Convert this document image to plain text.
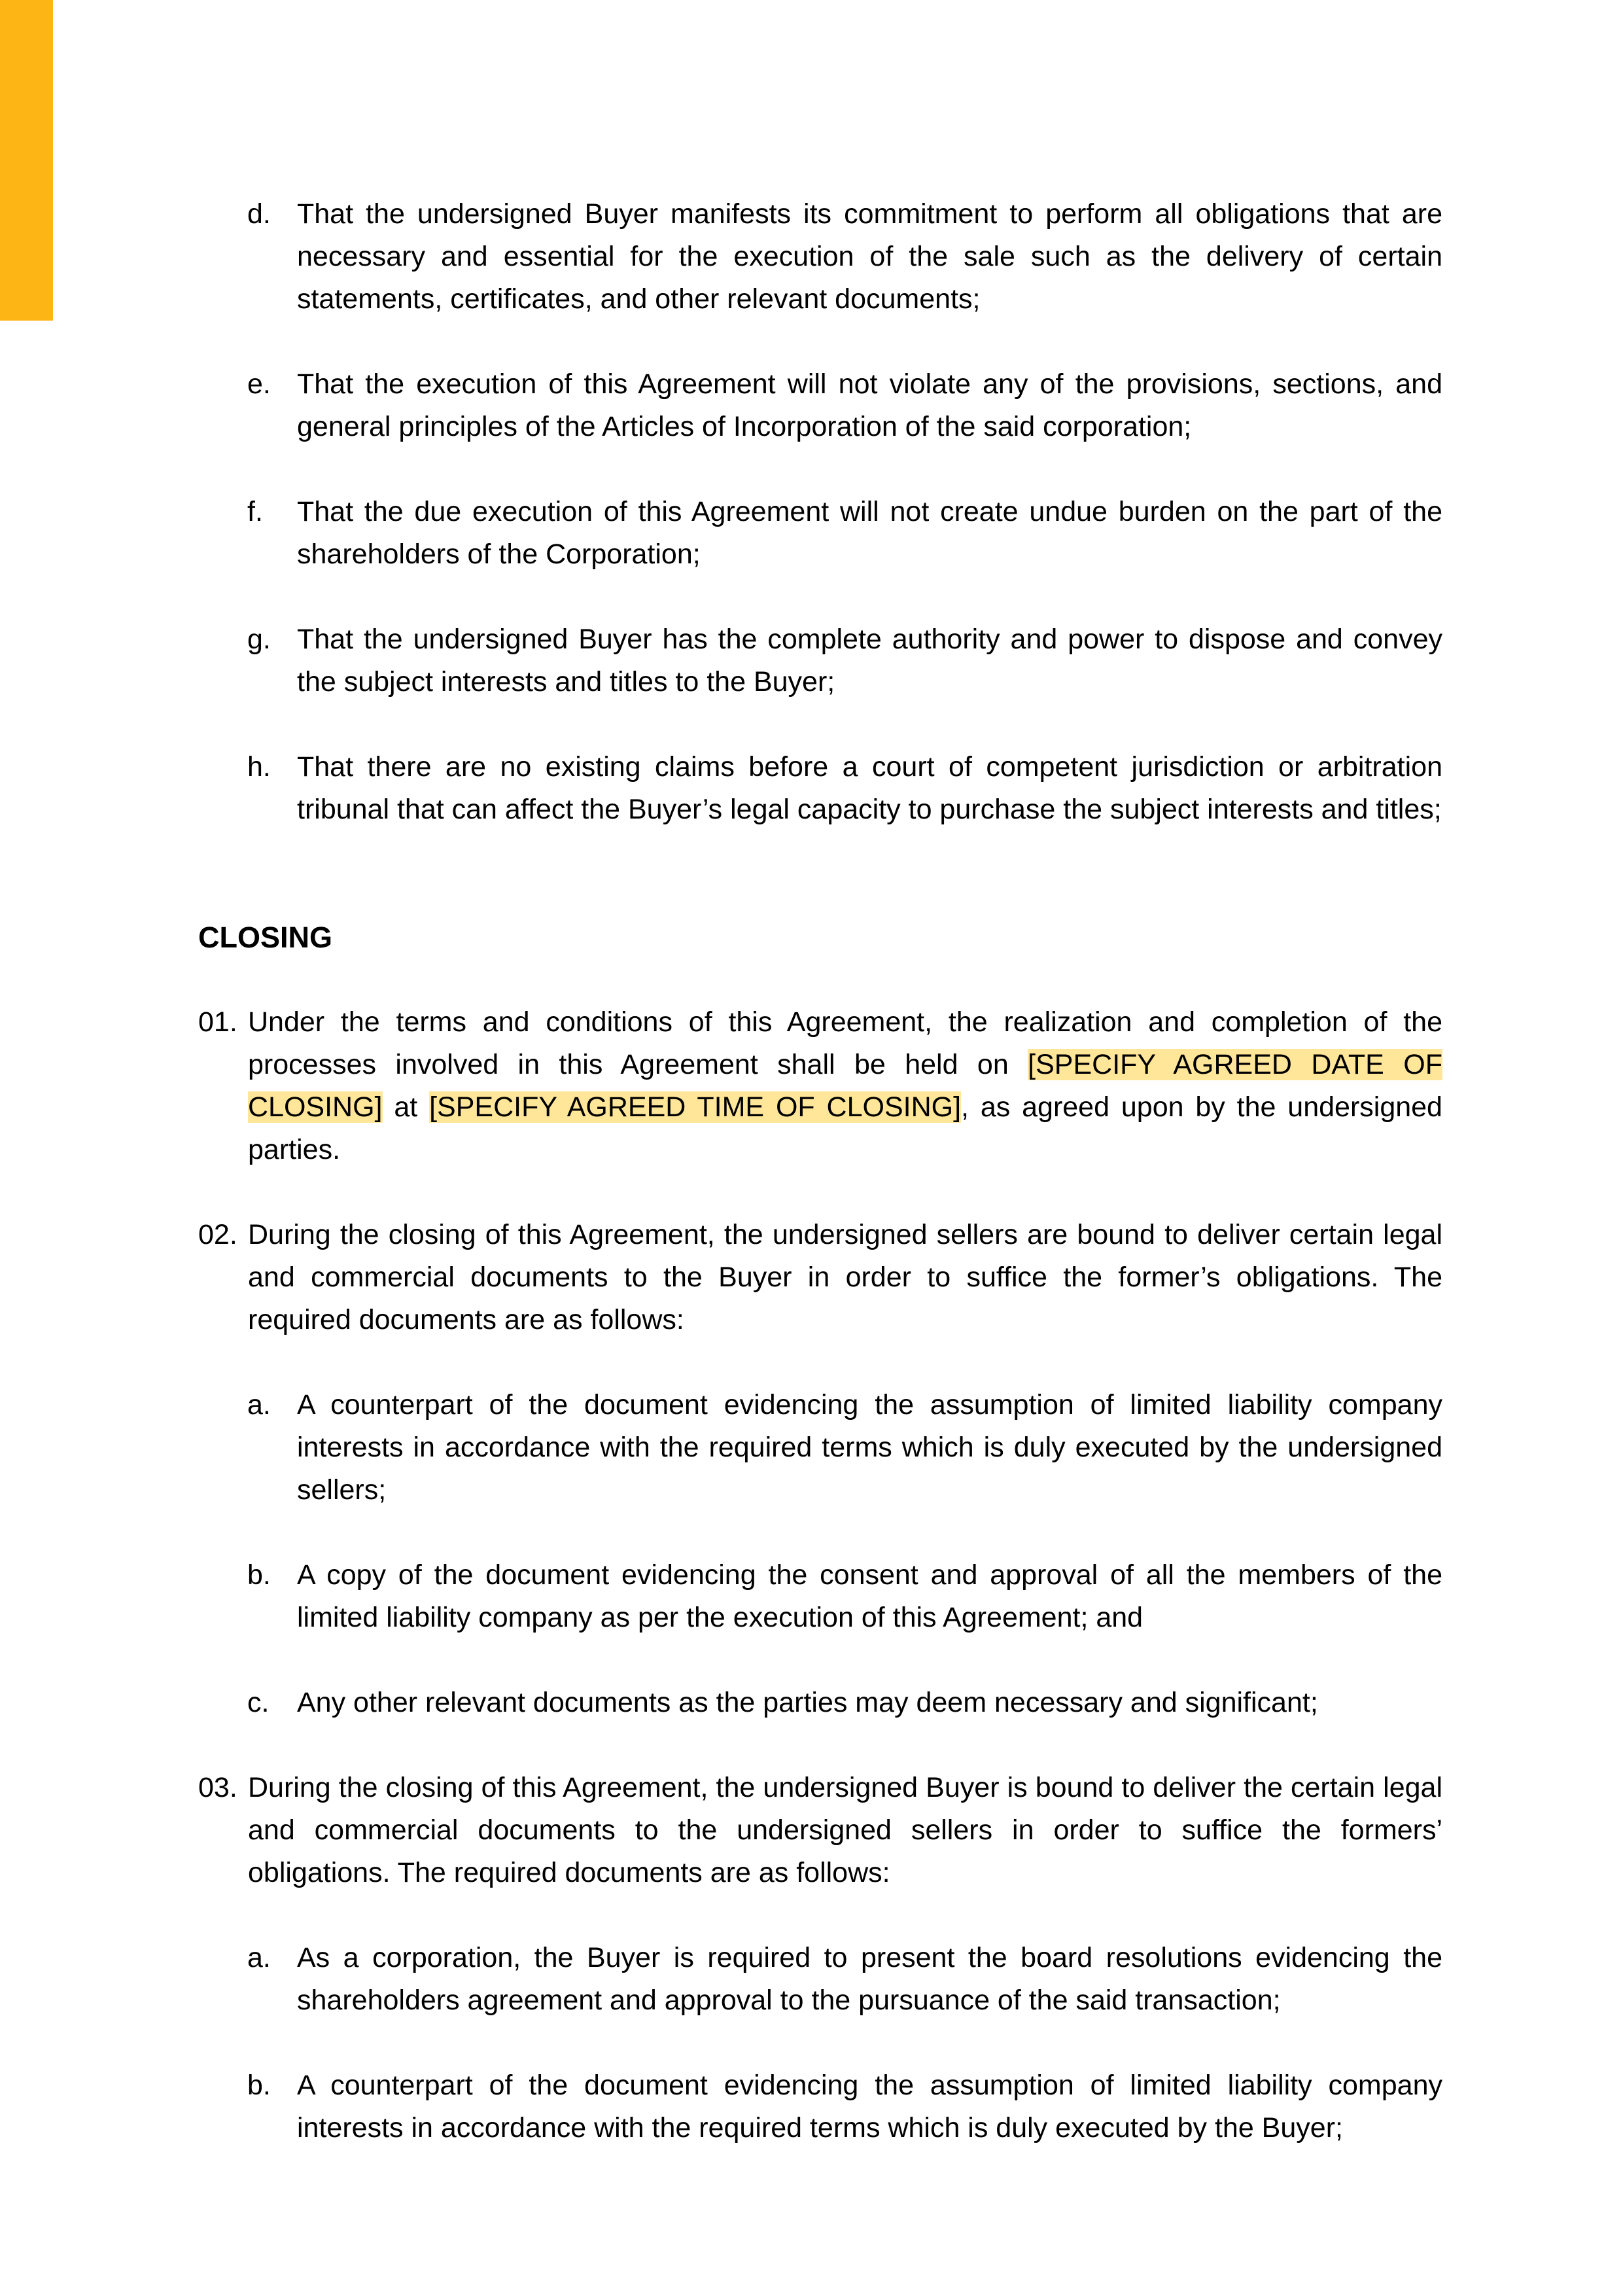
d. That the undersigned Buyer manifests its commitment to perform all obligations that are necessary and essential for the execution of the sale such as the delivery of certain statements, certificates, and other relevant documents;
e. That the execution of this Agreement will not violate any of the provisions, sections, and general principles of the Articles of Incorporation of the said corporation;
f. That the due execution of this Agreement will not create undue burden on the part of the shareholders of the Corporation;
g. That the undersigned Buyer has the complete authority and power to dispose and convey the subject interests and titles to the Buyer;
h. That there are no existing claims before a court of competent jurisdiction or arbitration tribunal that can affect the Buyer’s legal capacity to purchase the subject interests and titles;
CLOSING
01. Under the terms and conditions of this Agreement, the realization and completion of the processes involved in this Agreement shall be held on [SPECIFY AGREED DATE OF CLOSING] at [SPECIFY AGREED TIME OF CLOSING], as agreed upon by the undersigned parties.
02. During the closing of this Agreement, the undersigned sellers are bound to deliver certain legal and commercial documents to the Buyer in order to suffice the former’s obligations. The required documents are as follows:
a. A counterpart of the document evidencing the assumption of limited liability company interests in accordance with the required terms which is duly executed by the undersigned sellers;
b. A copy of the document evidencing the consent and approval of all the members of the limited liability company as per the execution of this Agreement; and
c. Any other relevant documents as the parties may deem necessary and significant;
03. During the closing of this Agreement, the undersigned Buyer is bound to deliver the certain legal and commercial documents to the undersigned sellers in order to suffice the formers’ obligations. The required documents are as follows:
a. As a corporation, the Buyer is required to present the board resolutions evidencing the shareholders agreement and approval to the pursuance of the said transaction;
b. A counterpart of the document evidencing the assumption of limited liability company interests in accordance with the required terms which is duly executed by the Buyer;
